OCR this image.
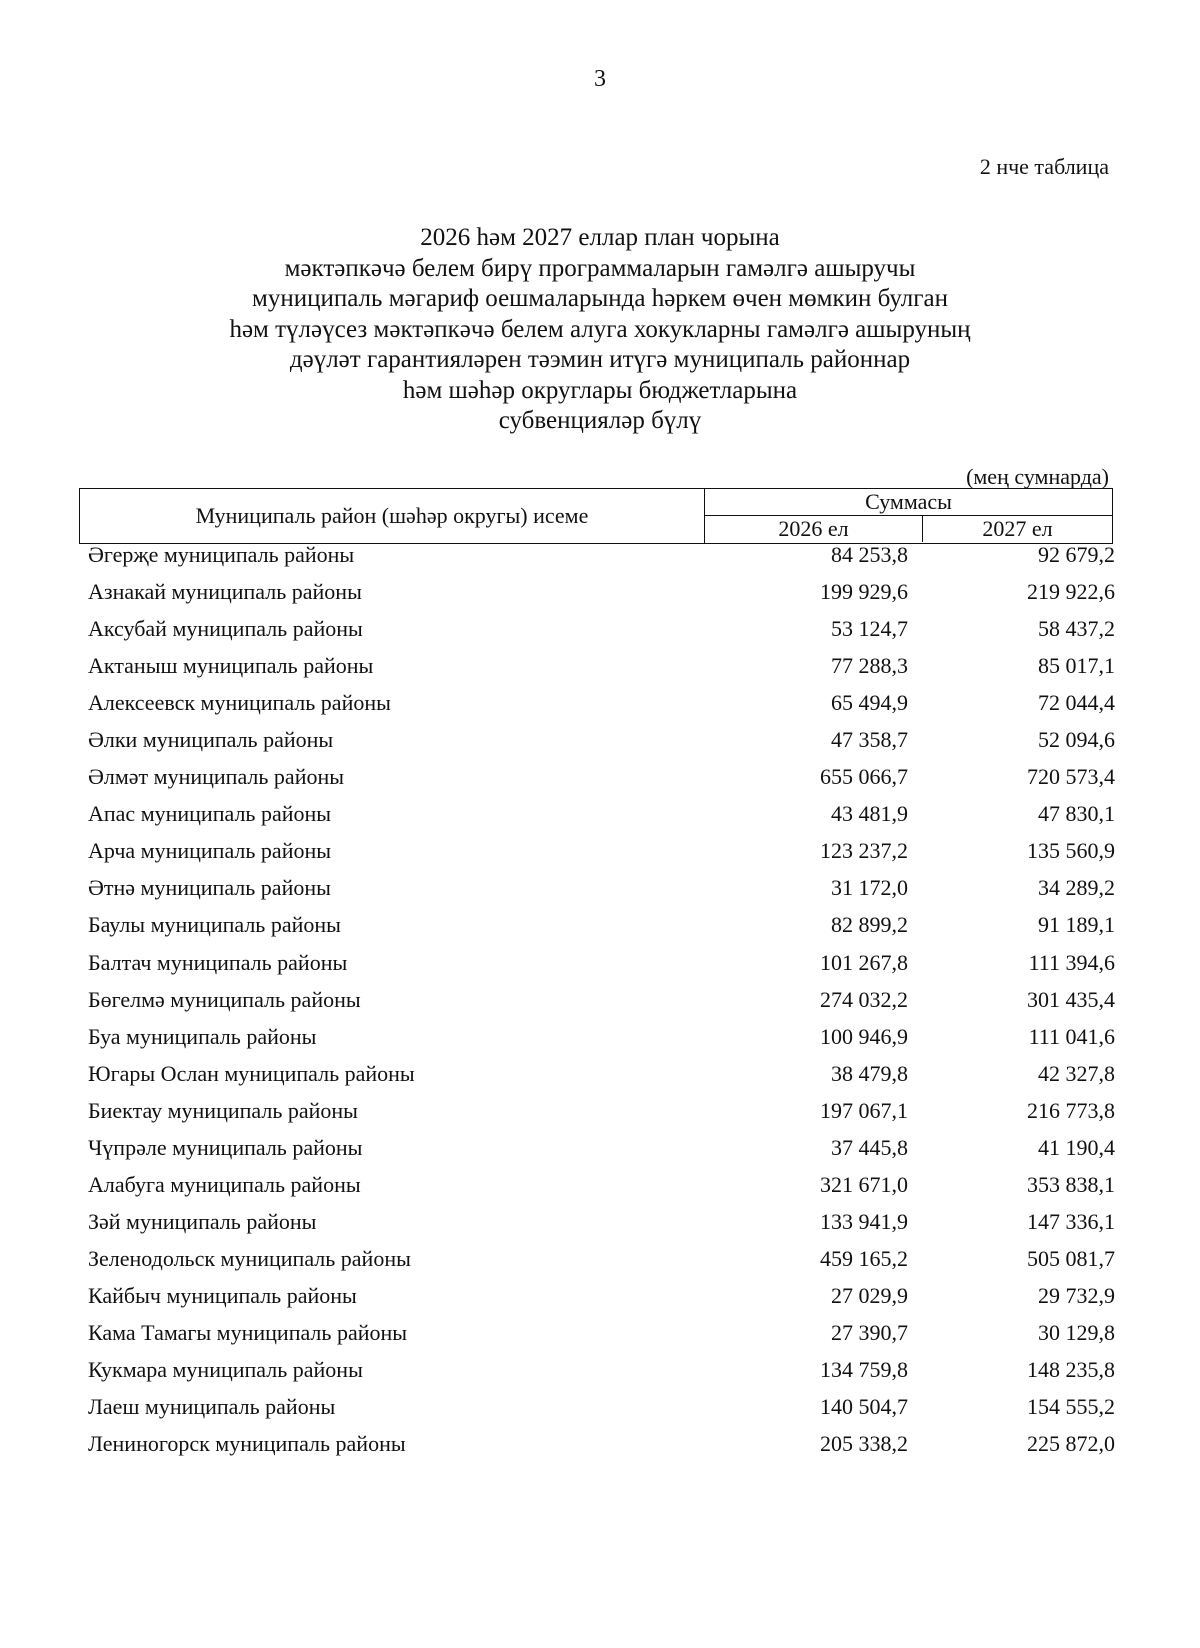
3
2 нче таблица
2026 һәм 2027 еллар план чорына
мәктәпкәчә белем бирү программаларын гамәлгә ашыручы
муниципаль мәгариф оешмаларында һәркем өчен мөмкин булган
һәм түләүсез мәктәпкәчә белем алуга хокукларны гамәлгә ашыруның
дәүләт гарантияләрен тәэмин итүгә муниципаль районнар
һәм шәһәр округлары бюджетларына
субвенцияләр бүлү
(мең сумнарда)
Муниципаль район (шәһәр округы) исеме
Суммасы
2026 ел	2027 ел
Әгерҗе муниципаль районы	84 253,8	92 679,2
Азнакай муниципаль районы	199 929,6	219 922,6
Аксубай муниципаль районы	53 124,7	58 437,2
Актаныш муниципаль районы	77 288,3	85 017,1
Алексеевск муниципаль районы	65 494,9	72 044,4
Әлки муниципаль районы	47 358,7	52 094,6
Әлмәт муниципаль районы	655 066,7	720 573,4
Апас муниципаль районы	43 481,9	47 830,1
Арча муниципаль районы	123 237,2	135 560,9
Әтнә муниципаль районы	31 172,0	34 289,2
Баулы муниципаль районы	82 899,2	91 189,1
Балтач муниципаль районы	101 267,8	111 394,6
Бөгелмә муниципаль районы	274 032,2	301 435,4
Буа муниципаль районы	100 946,9	111 041,6
Югары Ослан муниципаль районы	38 479,8	42 327,8
Биектау муниципаль районы	197 067,1	216 773,8
Чүпрәле муниципаль районы	37 445,8	41 190,4
Алабуга муниципаль районы	321 671,0	353 838,1
Зәй муниципаль районы	133 941,9	147 336,1
Зеленодольск муниципаль районы	459 165,2	505 081,7
Кайбыч муниципаль районы	27 029,9	29 732,9
Кама Тамагы муниципаль районы	27 390,7	30 129,8
Кукмара муниципаль районы	134 759,8	148 235,8
Лаеш муниципаль районы	140 504,7	154 555,2
Лениногорск муниципаль районы	205 338,2	225 872,0
